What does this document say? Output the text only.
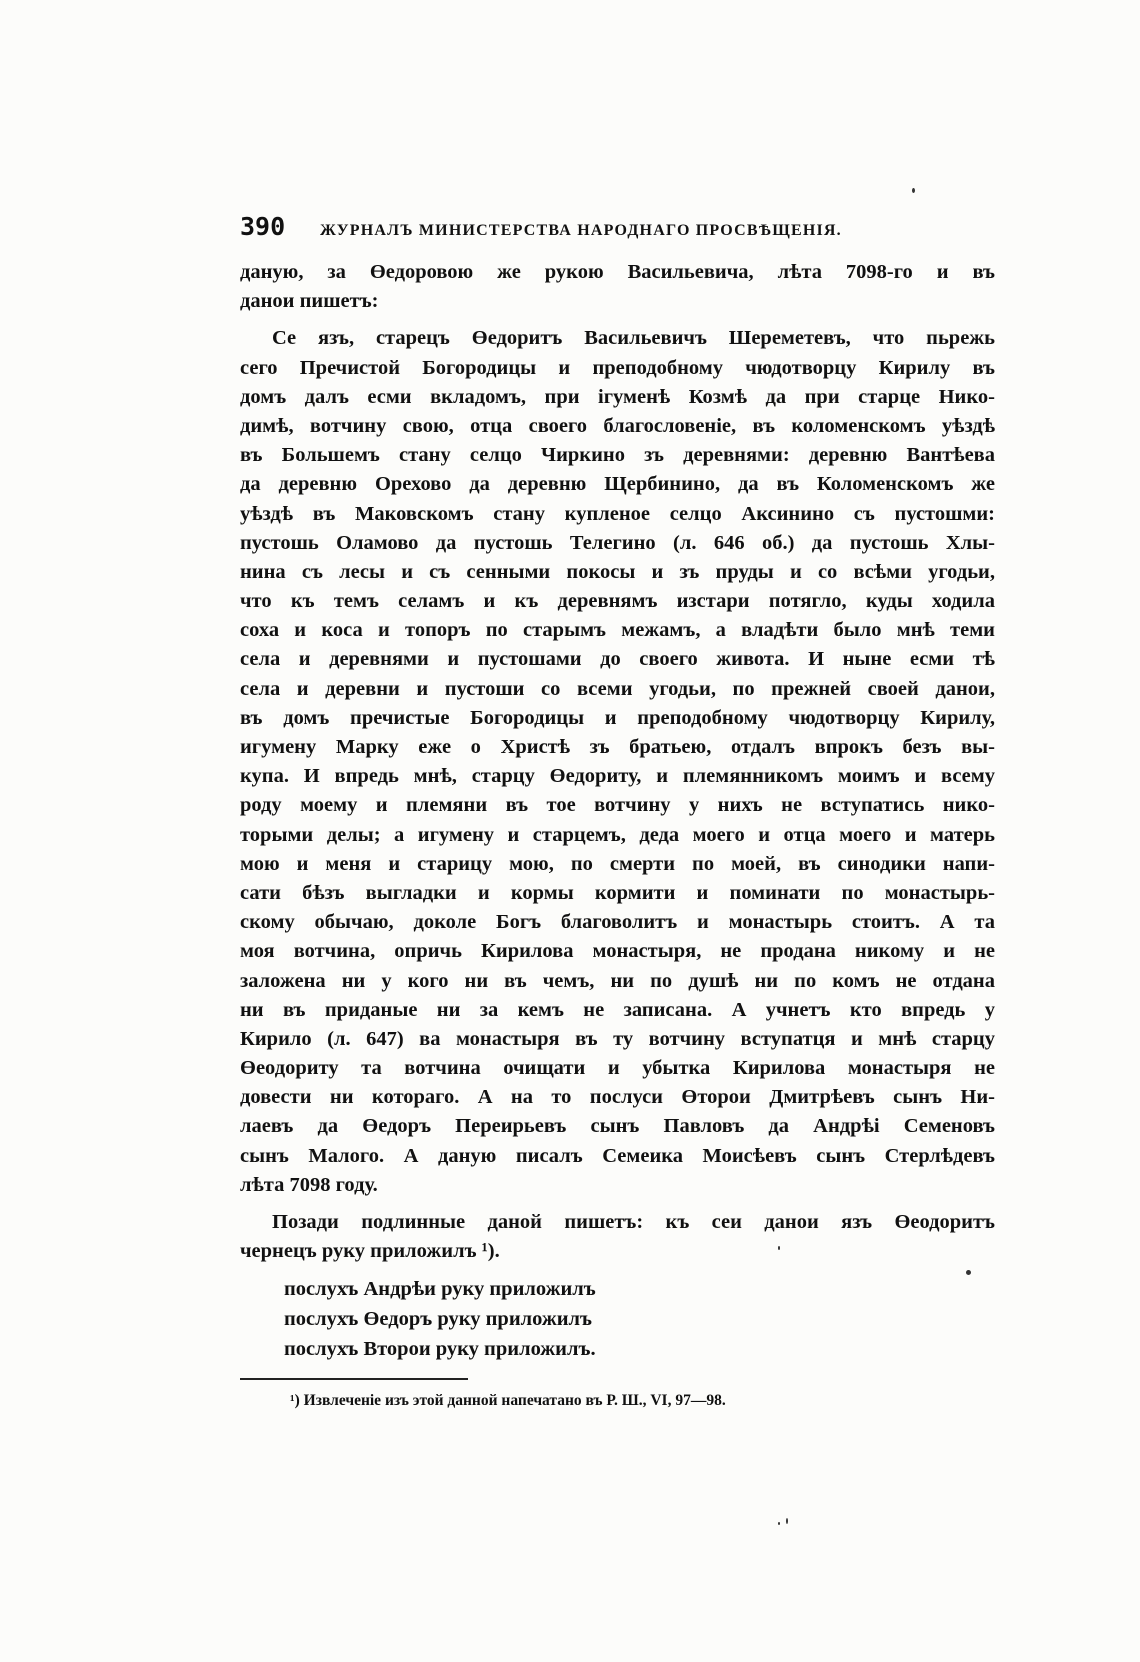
390	ЖУРНАЛЪ МИНИСТЕРСТВА НАРОДНАГО ПРОСВѢЩЕНІЯ.
даную, за Өедоровою же рукою Васильевича, лѣта 7098-го и въ
данои пишетъ:
Се язъ, старецъ Өедоритъ Васильевичъ Шереметевъ, что пьрежь
сего Пречистой Богородицы и преподобному чюдотворцу Кирилу въ
домъ далъ есми вкладомъ, при ігуменѣ Козмѣ да при старце Нико-
димѣ, вотчину свою, отца своего благословеніе, въ коломенскомъ уѣздѣ
въ Большемъ стану селцо Чиркино зъ деревнями: деревню Вантѣева
да деревню Орехово да деревню Щербинино, да въ Коломенскомъ же
уѣздѣ въ Маковскомъ стану купленое селцо Аксинино съ пустошми:
пустошь Оламово да пустошь Телегино (л. 646 об.) да пустошь Хлы-
нина съ лесы и съ сенными покосы и зъ пруды и со всѣми угодьи,
что къ темъ селамъ и къ деревнямъ изстари потягло, куды ходила
соха и коса и топоръ по старымъ межамъ, а владѣти было мнѣ теми
села и деревнями и пустошами до своего живота. И ныне есми тѣ
села и деревни и пустоши со всеми угодьи, по прежней своей данои,
въ домъ пречистые Богородицы и преподобному чюдотворцу Кирилу,
игумену Марку еже о Христѣ зъ братьею, отдалъ впрокъ безъ вы-
купа. И впредь мнѣ, старцу Өедориту, и племянникомъ моимъ и всему
роду моему и племяни въ тое вотчину у нихъ не вступатись нико-
торыми делы; а игумену и старцемъ, деда моего и отца моего и матерь
мою и меня и старицу мою, по смерти по моей, въ синодики напи-
сати бѣзъ выгладки и кормы кормити и поминати по монастырь-
скому обычаю, доколе Богъ благоволитъ и монастырь стоитъ. А та
моя вотчина, опричь Кирилова монастыря, не продана никому и не
заложена ни у кого ни въ чемъ, ни по душѣ ни по комъ не отдана
ни въ приданые ни за кемъ не записана. А учнетъ кто впредь у
Кирило (л. 647) ва монастыря въ ту вотчину вступатця и мнѣ старцу
Өеодориту та вотчина очищати и убытка Кирилова монастыря не
довести ни котораго. А на то послуси Өторои Дмитрѣевъ сынъ Ни-
лаевъ да Өедоръ Переирьевъ сынъ Павловъ да Андрѣі Семеновъ
сынъ Малого. А даную писалъ Семеика Моисѣевъ сынъ Стерлѣдевъ
лѣта 7098 году.
Позади подлинные даной пишетъ: къ сеи данои язъ Өеодоритъ
чернецъ руку приложилъ ¹).
послухъ Андрѣи руку приложилъ
послухъ Өедоръ руку приложилъ
послухъ Второи руку приложилъ.
¹) Извлеченіе изъ этой данной напечатано въ Р. Ш., VI, 97—98.
